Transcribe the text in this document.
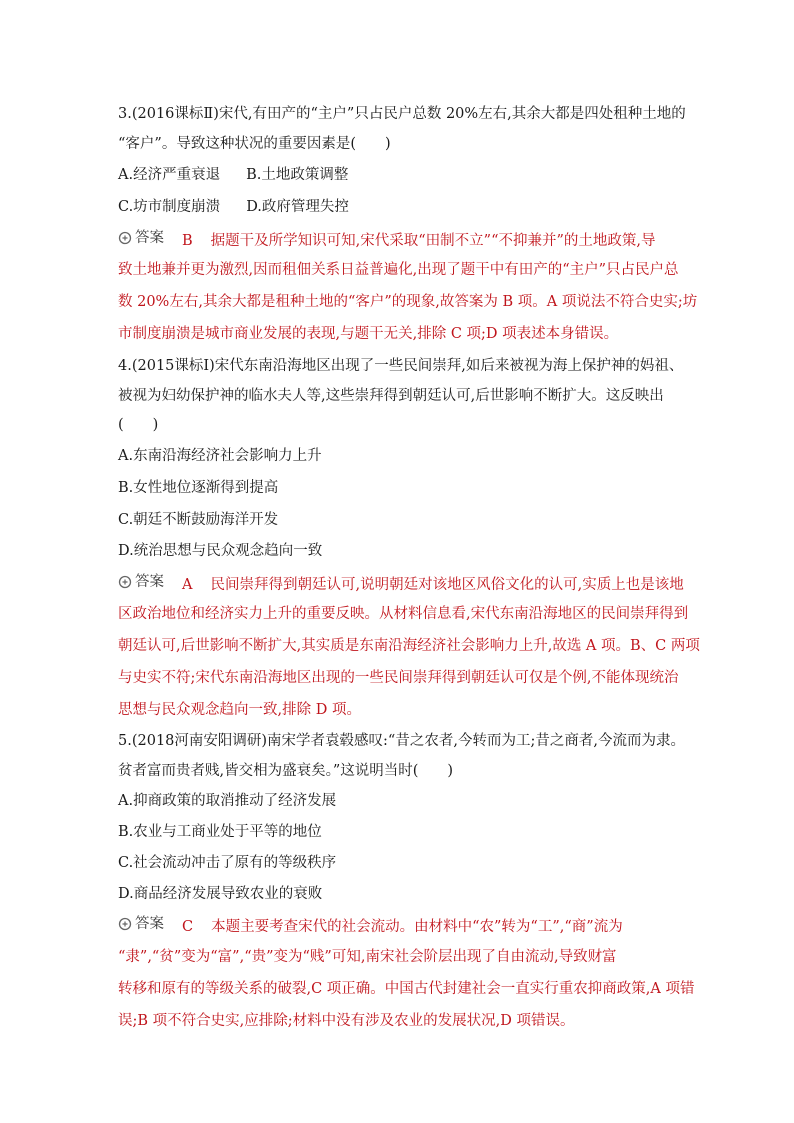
3.(2016课标Ⅱ)宋代,有田产的“主户”只占民户总数 20%左右,其余大都是四处租种土地的
“客户”。导致这种状况的重要因素是(　　)
A.经济严重衰退 B.土地政策调整
C.坊市制度崩溃 D.政府管理失控
答案 B 据题干及所学知识可知,宋代采取“田制不立”“不抑兼并”的土地政策,导
致土地兼并更为激烈,因而租佃关系日益普遍化,出现了题干中有田产的“主户”只占民户总
数 20%左右,其余大都是租种土地的“客户”的现象,故答案为 B 项。A 项说法不符合史实;坊
市制度崩溃是城市商业发展的表现,与题干无关,排除 C 项;D 项表述本身错误。
4.(2015课标Ⅰ)宋代东南沿海地区出现了一些民间崇拜,如后来被视为海上保护神的妈祖、
被视为妇幼保护神的临水夫人等,这些崇拜得到朝廷认可,后世影响不断扩大。这反映出
(　　)
A.东南沿海经济社会影响力上升
B.女性地位逐渐得到提高
C.朝廷不断鼓励海洋开发
D.统治思想与民众观念趋向一致
答案 A 民间崇拜得到朝廷认可,说明朝廷对该地区风俗文化的认可,实质上也是该地
区政治地位和经济实力上升的重要反映。从材料信息看,宋代东南沿海地区的民间崇拜得到
朝廷认可,后世影响不断扩大,其实质是东南沿海经济社会影响力上升,故选 A 项。B、C 两项
与史实不符;宋代东南沿海地区出现的一些民间崇拜得到朝廷认可仅是个例,不能体现统治
思想与民众观念趋向一致,排除 D 项。
5.(2018河南安阳调研)南宋学者袁毂感叹:“昔之农者,今转而为工;昔之商者,今流而为隶。
贫者富而贵者贱,皆交相为盛衰矣。”这说明当时(　　)
A.抑商政策的取消推动了经济发展
B.农业与工商业处于平等的地位
C.社会流动冲击了原有的等级秩序
D.商品经济发展导致农业的衰败
答案 C 本题主要考查宋代的社会流动。由材料中“农”转为“工”,“商”流为
“隶”,“贫”变为“富”,“贵”变为“贱”可知,南宋社会阶层出现了自由流动,导致财富
转移和原有的等级关系的破裂,C 项正确。中国古代封建社会一直实行重农抑商政策,A 项错
误;B 项不符合史实,应排除;材料中没有涉及农业的发展状况,D 项错误。
